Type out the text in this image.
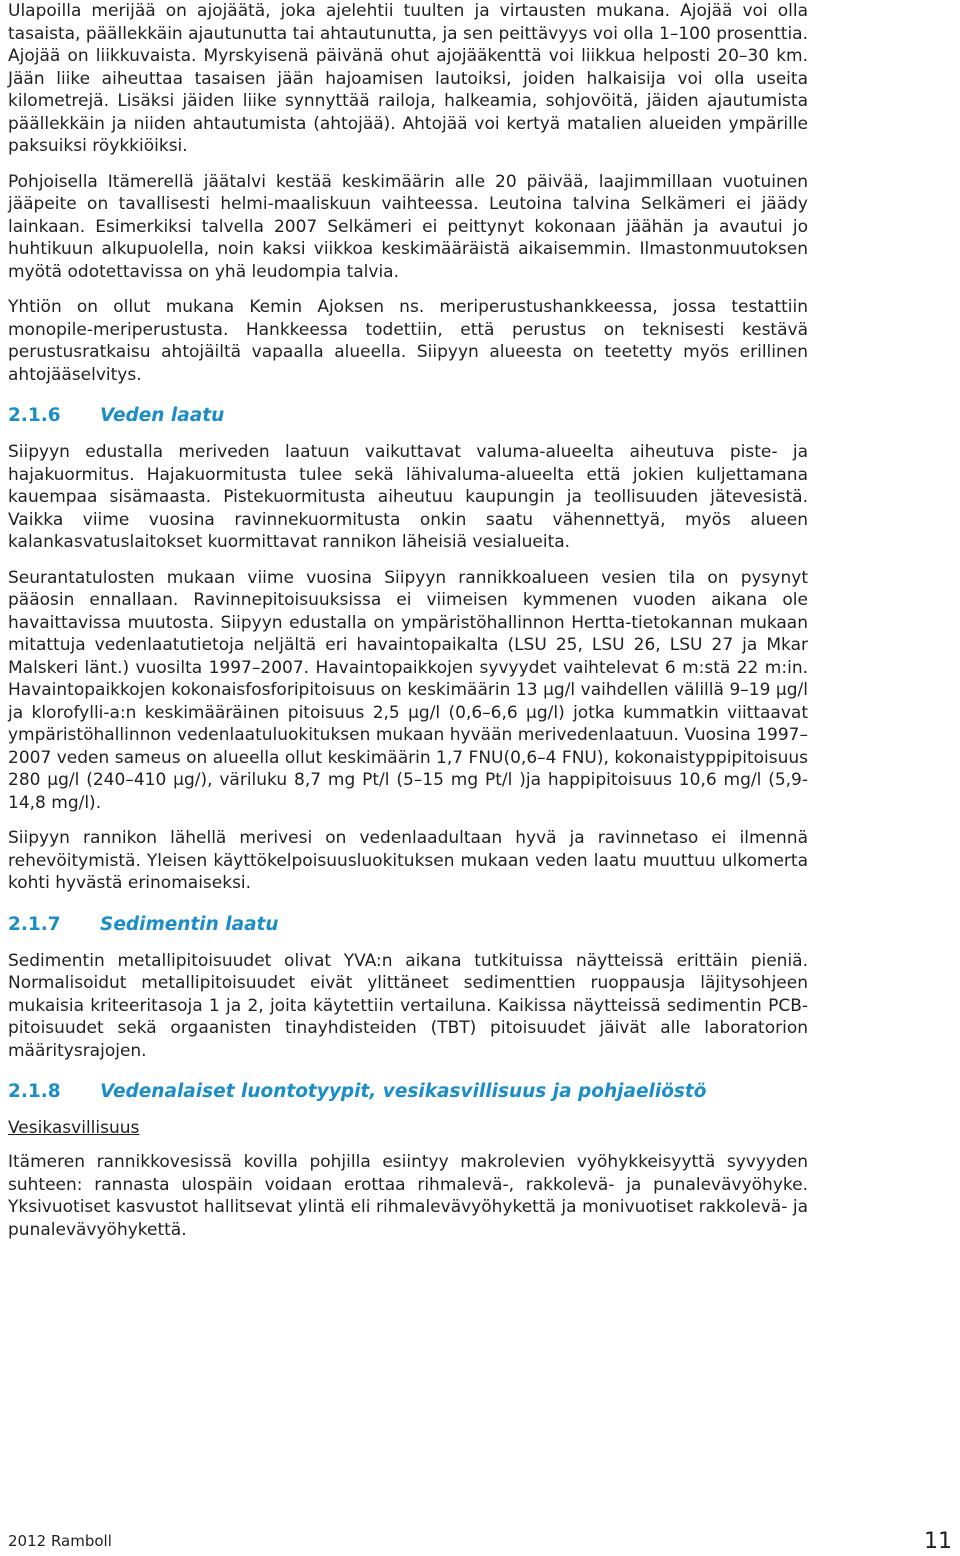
Ulapoilla merijää on ajojäätä, joka ajelehtii tuulten ja virtausten mukana. Ajojää voi olla tasaista, päällekkäin ajautunutta tai ahtautunutta, ja sen peittävyys voi olla 1–100 prosenttia. Ajojää on liikkuvaista. Myrskyisenä päivänä ohut ajojääkenttä voi liikkua helposti 20–30 km. Jään liike aiheuttaa tasaisen jään hajoamisen lautoiksi, joiden halkaisija voi olla useita kilometrejä. Lisäksi jäiden liike synnyttää railoja, halkeamia, sohjovöitä, jäiden ajautumista päällekkäin ja niiden ahtautumista (ahtojää). Ahtojää voi kertyä matalien alueiden ympärille paksuiksi röykkiöiksi.

Pohjoisella Itämerellä jäätalvi kestää keskimäärin alle 20 päivää, laajimmillaan vuotuinen jääpeite on tavallisesti helmi-maaliskuun vaihteessa. Leutoina talvina Selkämeri ei jäädy lainkaan. Esimerkiksi talvella 2007 Selkämeri ei peittynyt kokonaan jäähän ja avautui jo huhtikuun alkupuolella, noin kaksi viikkoa keskimääräistä aikaisemmin. Ilmastonmuutoksen myötä odotettavissa on yhä leudompia talvia.

Yhtiön on ollut mukana Kemin Ajoksen ns. meriperustushankkeessa, jossa testattiin monopile-meriperustusta. Hankkeessa todettiin, että perustus on teknisesti kestävä perustusratkaisu ahtojäiltä vapaalla alueella. Siipyyn alueesta on teetetty myös erillinen ahtojääselvitys.

2.1.6	Veden laatu

Siipyyn edustalla meriveden laatuun vaikuttavat valuma-alueelta aiheutuva piste- ja hajakuormitus. Hajakuormitusta tulee sekä lähivaluma-alueelta että jokien kuljettamana kauempaa sisämaasta. Pistekuormitusta aiheutuu kaupungin ja teollisuuden jätevesistä. Vaikka viime vuosina ravinnekuormitusta onkin saatu vähennettyä, myös alueen kalankasvatuslaitokset kuormittavat rannikon läheisiä vesialueita.

Seurantatulosten mukaan viime vuosina Siipyyn rannikkoalueen vesien tila on pysynyt pääosin ennallaan. Ravinnepitoisuuksissa ei viimeisen kymmenen vuoden aikana ole havaittavissa muutosta. Siipyyn edustalla on ympäristöhallinnon Hertta-tietokannan mukaan mitattuja vedenlaatutietoja neljältä eri havaintopaikalta (LSU 25, LSU 26, LSU 27 ja Mkar Malskeri länt.) vuosilta 1997–2007. Havaintopaikkojen syvyydet vaihtelevat 6 m:stä 22 m:in. Havaintopaikkojen kokonaisfosforipitoisuus on keskimäärin 13 µg/l vaihdellen välillä 9–19 µg/l ja klorofylli-a:n keskimääräinen pitoisuus 2,5 µg/l (0,6–6,6 µg/l) jotka kummatkin viittaavat ympäristöhallinnon vedenlaatuluokituksen mukaan hyvään merivedenlaatuun. Vuosina 1997–2007 veden sameus on alueella ollut keskimäärin 1,7 FNU(0,6–4 FNU), kokonaistyppipitoisuus 280 µg/l (240–410 µg/), väriluku 8,7 mg Pt/l (5–15 mg Pt/l )ja happipitoisuus 10,6 mg/l (5,9-14,8 mg/l).

Siipyyn rannikon lähellä merivesi on vedenlaadultaan hyvä ja ravinnetaso ei ilmennä rehevöitymistä. Yleisen käyttökelpoisuusluokituksen mukaan veden laatu muuttuu ulkomerta kohti hyvästä erinomaiseksi.

2.1.7	Sedimentin laatu

Sedimentin metallipitoisuudet olivat YVA:n aikana tutkituissa näytteissä erittäin pieniä. Normalisoidut metallipitoisuudet eivät ylittäneet sedimenttien ruoppausja läjitysohjeen mukaisia kriteeritasoja 1 ja 2, joita käytettiin vertailuna. Kaikissa näytteissä sedimentin PCB- pitoisuudet sekä orgaanisten tinayhdisteiden (TBT) pitoisuudet jäivät alle laboratorion määritysrajojen.

2.1.8	Vedenalaiset luontotyypit, vesikasvillisuus ja pohjaeliöstö
Vesikasvillisuus

Itämeren rannikkovesissä kovilla pohjilla esiintyy makrolevien vyöhykkeisyyttä syvyyden suhteen: rannasta ulospäin voidaan erottaa rihmalevä-, rakkolevä- ja punalevävyöhyke. Yksivuotiset kasvustot hallitsevat ylintä eli rihmalevävyöhykettä ja monivuotiset rakkolevä- ja punalevävyöhykettä.

2012 Ramboll	11
